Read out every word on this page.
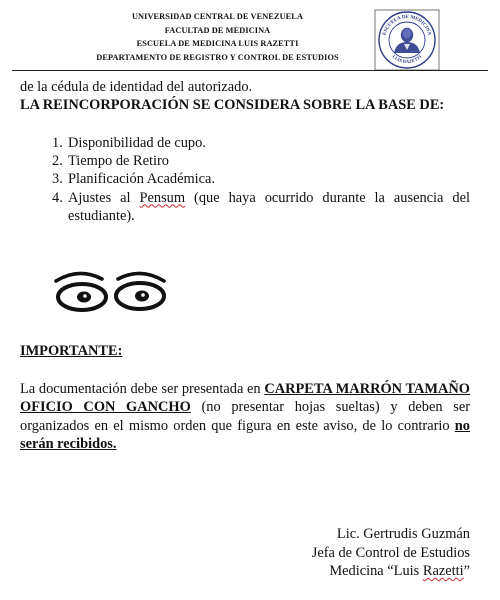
UNIVERSIDAD CENTRAL DE VENEZUELA
FACULTAD DE MEDICINA
ESCUELA DE MEDICINA LUIS RAZETTI
DEPARTAMENTO DE REGISTRO Y CONTROL DE ESTUDIOS
ESCUELA DE MEDICINA
LUIS RAZETTI
de la cédula de identidad del autorizado.
LA REINCORPORACIÓN SE CONSIDERA SOBRE LA BASE DE:
1. Disponibilidad de cupo.
2. Tiempo de Retiro
3. Planificación Académica.
4. Ajustes al Pensum (que haya ocurrido durante la ausencia del estudiante).
IMPORTANTE:
La documentación debe ser presentada en CARPETA MARRÓN TAMAÑO OFICIO CON GANCHO (no presentar hojas sueltas) y deben ser organizados en el mismo orden que figura en este aviso, de lo contrario no serán recibidos.
Lic. Gertrudis Guzmán
Jefa de Control de Estudios
Medicina “Luis Razetti”
